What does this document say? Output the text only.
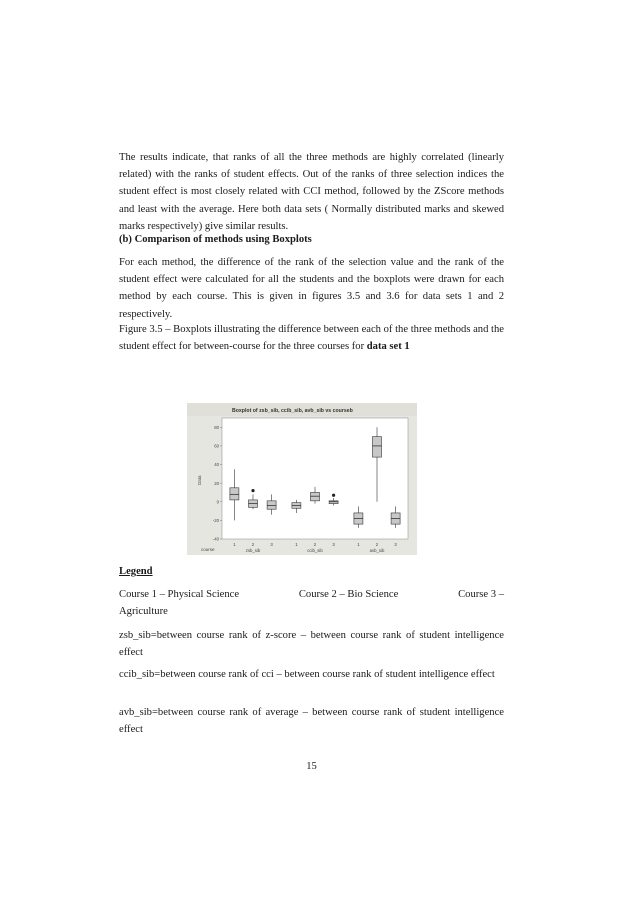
The results indicate, that ranks of all the three methods are highly correlated (linearly related) with the ranks of student effects. Out of the ranks of three selection indices the student effect is most closely related with CCI method, followed by the ZScore methods and least with the average. Here both data sets ( Normally distributed marks and skewed marks respectively) give similar results.

(b) Comparison of methods using Boxplots

For each method, the difference of the rank of the selection value and the rank of the student effect were calculated for all the students and the boxplots were drawn for each method by each course. This is given in figures 3.5 and 3.6 for data sets 1 and 2 respectively.

Figure 3.5 – Boxplots illustrating the difference between each of the three methods and the student effect for between-course for the three courses for data set 1

Legend

Course 1 – Physical Science	Course 2 – Bio Science	Course 3 –

Agriculture

zsb_sib=between course rank of z-score – between course rank of student intelligence effect

ccib_sib=between course rank of cci – between course rank of student intelligence effect

avb_sib=between course rank of average – between course rank of student intelligence effect

15
Boxplot of zsb_sib, ccib_sib, avb_sib vs courseb
Data
course
-40
-20
0
20
40
60
80
1	2	3
zsb_sib
1	2	3
ccib_sib
1	2	3
avb_sib
